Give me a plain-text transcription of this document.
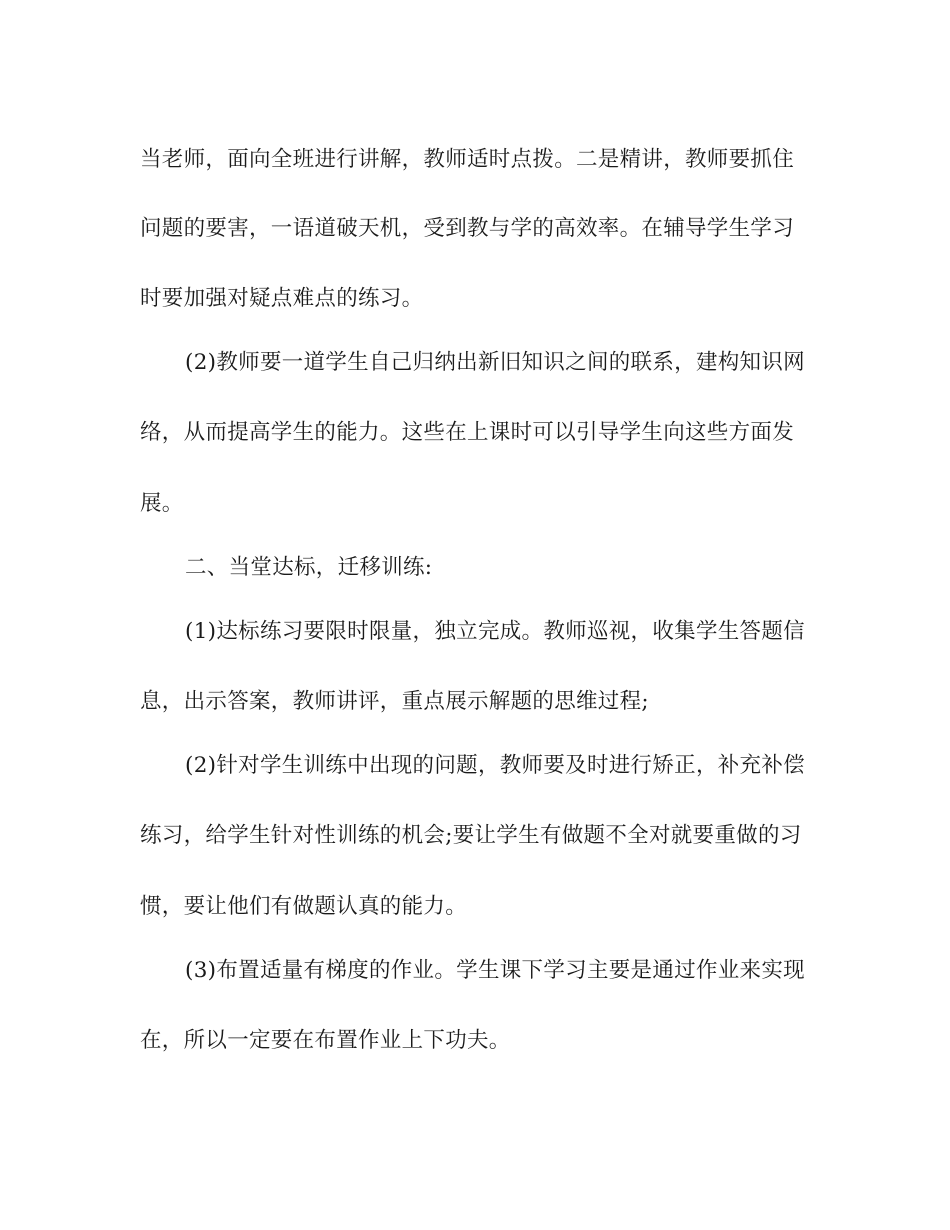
当老师，面向全班进行讲解，教师适时点拨。二是精讲，教师要抓住

问题的要害，一语道破天机，受到教与学的高效率。在辅导学生学习

时要加强对疑点难点的练习。

(2)教师要一道学生自己归纳出新旧知识之间的联系，建构知识网

络，从而提高学生的能力。这些在上课时可以引导学生向这些方面发

展。

二、当堂达标，迁移训练:

(1)达标练习要限时限量，独立完成。教师巡视，收集学生答题信

息，出示答案，教师讲评，重点展示解题的思维过程;

(2)针对学生训练中出现的问题，教师要及时进行矫正，补充补偿

练习，给学生针对性训练的机会;要让学生有做题不全对就要重做的习

惯，要让他们有做题认真的能力。

(3)布置适量有梯度的作业。学生课下学习主要是通过作业来实现

在，所以一定要在布置作业上下功夫。
